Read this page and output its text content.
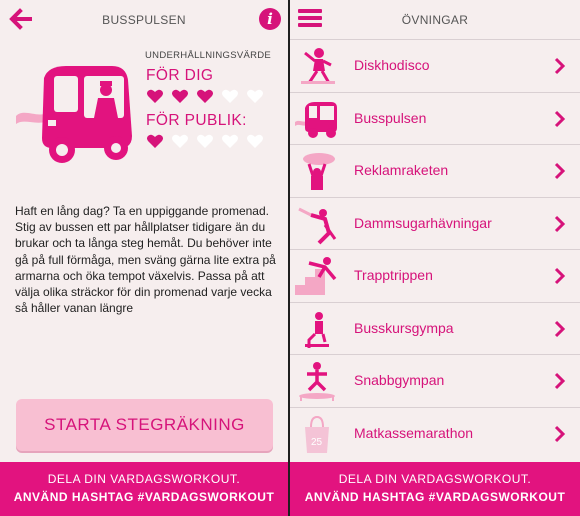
BUSSPULSEN	i
UNDERHÅLLNINGSVÄRDE
FÖR DIG
FÖR PUBLIK:
Haft en lång dag? Ta en uppiggande promenad. Stig av bussen ett par hållplatser tidigare än du brukar och ta långa steg hemåt. Du behöver inte gå på full förmåga, men sväng gärna lite extra på armarna och öka tempot växelvis. Passa på att välja olika sträckor för din promenad varje vecka så håller vanan längre
STARTA STEGRÄKNING
DELA DIN VARDAGSWORKOUT.
ANVÄND HASHTAG #VARDAGSWORKOUT
ÖVNINGAR
Diskhodisco
Busspulsen
Reklamraketen
Dammsugarhävningar
Trapptrippen
Busskursgympa
Snabbgympan
25
Matkassemarathon
DELA DIN VARDAGSWORKOUT.
ANVÄND HASHTAG #VARDAGSWORKOUT
